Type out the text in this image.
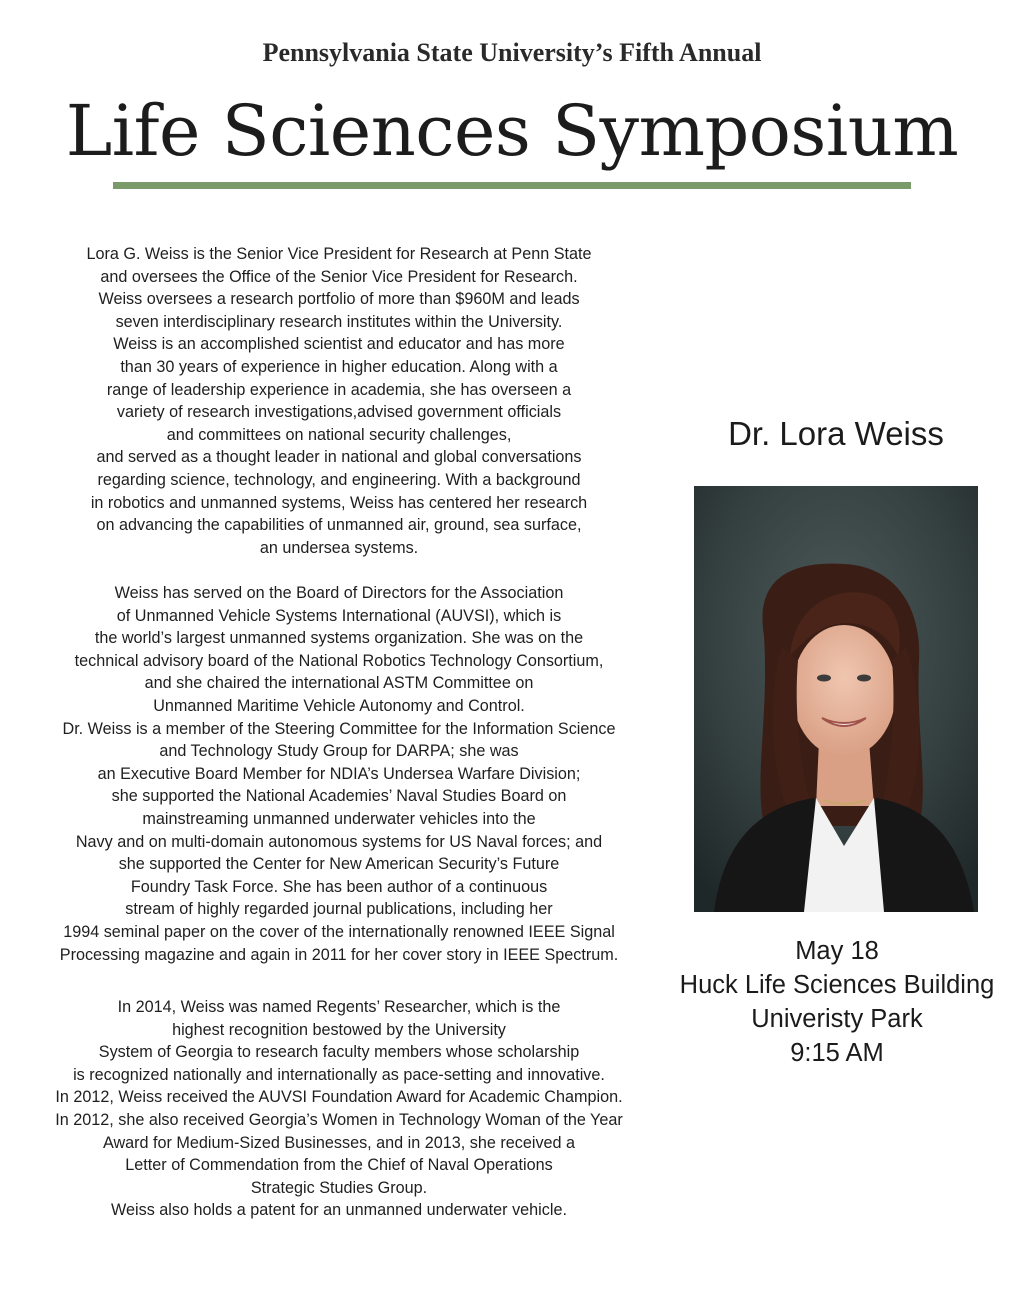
Pennsylvania State University’s Fifth Annual
Life Sciences Symposium
Lora G. Weiss is the Senior Vice President for Research at Penn State
and oversees the Office of the Senior Vice President for Research.
Weiss oversees a research portfolio of more than $960M and leads
seven interdisciplinary research institutes within the University.
Weiss is an accomplished scientist and educator and has more
than 30 years of experience in higher education. Along with a
range of leadership experience in academia, she has overseen a
variety of research investigations,advised government officials
and committees on national security challenges,
and served as a thought leader in national and global conversations
regarding science, technology, and engineering. With a background
in robotics and unmanned systems, Weiss has centered her research
on advancing the capabilities of unmanned air, ground, sea surface,
an undersea systems.
Weiss has served on the Board of Directors for the Association
of Unmanned Vehicle Systems International (AUVSI), which is
the world’s largest unmanned systems organization. She was on the
technical advisory board of the National Robotics Technology Consortium,
and she chaired the international ASTM Committee on
Unmanned Maritime Vehicle Autonomy and Control.
Dr. Weiss is a member of the Steering Committee for the Information Science
and Technology Study Group for DARPA; she was
an Executive Board Member for NDIA’s Undersea Warfare Division;
she supported the National Academies’ Naval Studies Board on
mainstreaming unmanned underwater vehicles into the
Navy and on multi-domain autonomous systems for US Naval forces; and
she supported the Center for New American Security’s Future
Foundry Task Force. She has been author of a continuous
stream of highly regarded journal publications, including her
1994 seminal paper on the cover of the internationally renowned IEEE Signal
Processing magazine and again in 2011 for her cover story in IEEE Spectrum.
In 2014, Weiss was named Regents’ Researcher, which is the
highest recognition bestowed by the University
System of Georgia to research faculty members whose scholarship
is recognized nationally and internationally as pace-setting and innovative.
In 2012, Weiss received the AUVSI Foundation Award for Academic Champion.
In 2012, she also received Georgia’s Women in Technology Woman of the Year
Award for Medium-Sized Businesses, and in 2013, she received a
Letter of Commendation from the Chief of Naval Operations
Strategic Studies Group.
Weiss also holds a patent for an unmanned underwater vehicle.
Dr. Lora Weiss
May 18
Huck Life Sciences Building
Univeristy Park
9:15 AM
